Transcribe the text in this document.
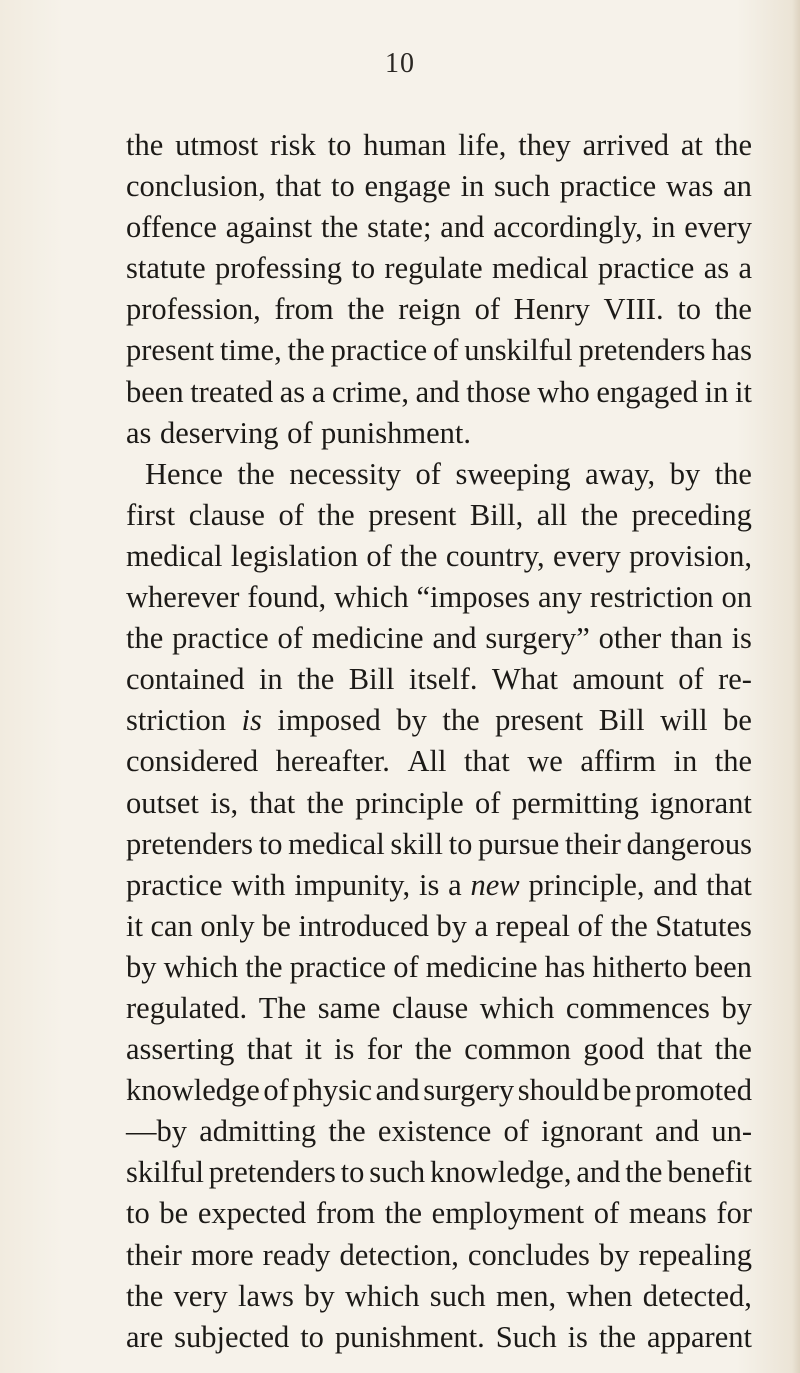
10
the utmost risk to human life, they arrived at the
conclusion, that to engage in such practice was an
offence against the state; and accordingly, in every
statute professing to regulate medical practice as a
profession, from the reign of Henry VIII. to the
present time, the practice of unskilful pretenders has
been treated as a crime, and those who engaged in it
as deserving of punishment.
Hence the necessity of sweeping away, by the
first clause of the present Bill, all the preceding
medical legislation of the country, every provision,
wherever found, which “imposes any restriction on
the practice of medicine and surgery” other than is
contained in the Bill itself. What amount of re-
striction is imposed by the present Bill will be
considered hereafter. All that we affirm in the
outset is, that the principle of permitting ignorant
pretenders to medical skill to pursue their dangerous
practice with impunity, is a new principle, and that
it can only be introduced by a repeal of the Statutes
by which the practice of medicine has hitherto been
regulated. The same clause which commences by
asserting that it is for the common good that the
knowledge of physic and surgery should be promoted
—by admitting the existence of ignorant and un-
skilful pretenders to such knowledge, and the benefit
to be expected from the employment of means for
their more ready detection, concludes by repealing
the very laws by which such men, when detected,
are subjected to punishment. Such is the apparent
